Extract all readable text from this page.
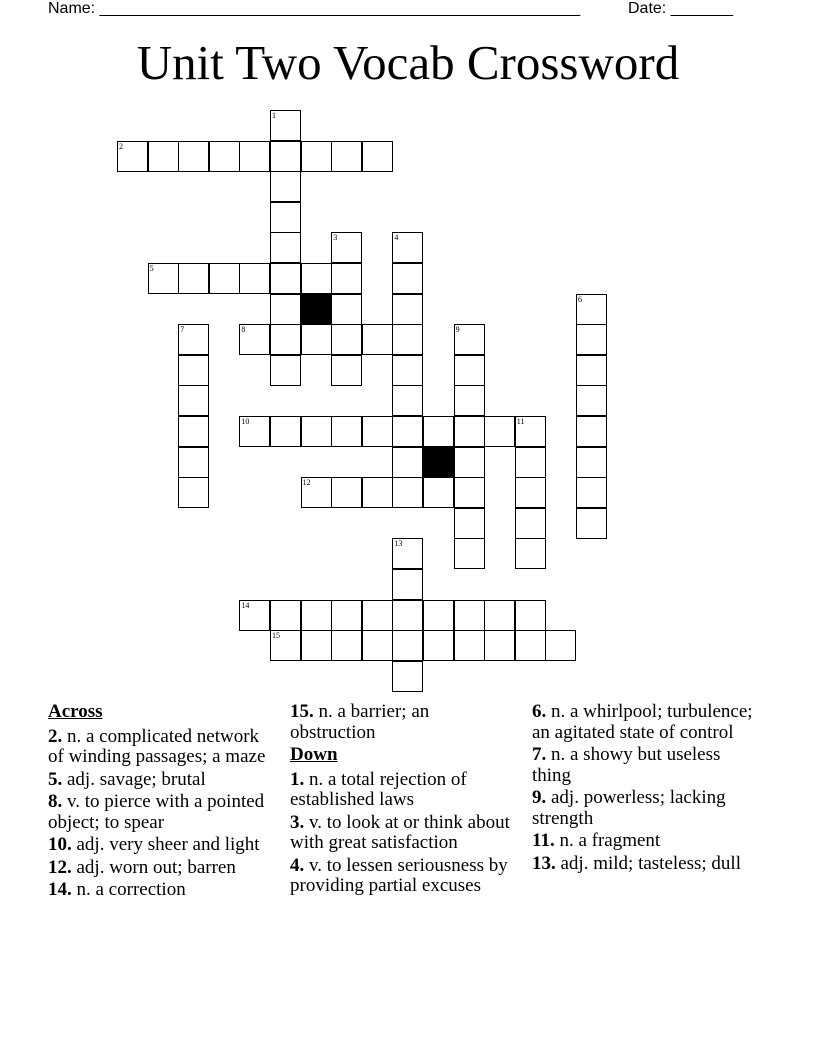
Name: ______________________________________________________	Date: _______
Unit Two Vocab Crossword
1
2
3	4
5
6
7	8	9
10	11
12
13
14
15
Across
2. n. a complicated network of winding passages; a maze
5. adj. savage; brutal
8. v. to pierce with a pointed object; to spear
10. adj. very sheer and light
12. adj. worn out; barren
14. n. a correction
15. n. a barrier; an obstruction
Down
1. n. a total rejection of established laws
3. v. to look at or think about with great satisfaction
4. v. to lessen seriousness by providing partial excuses
6. n. a whirlpool; turbulence; an agitated state of control
7. n. a showy but useless thing
9. adj. powerless; lacking strength
11. n. a fragment
13. adj. mild; tasteless; dull
